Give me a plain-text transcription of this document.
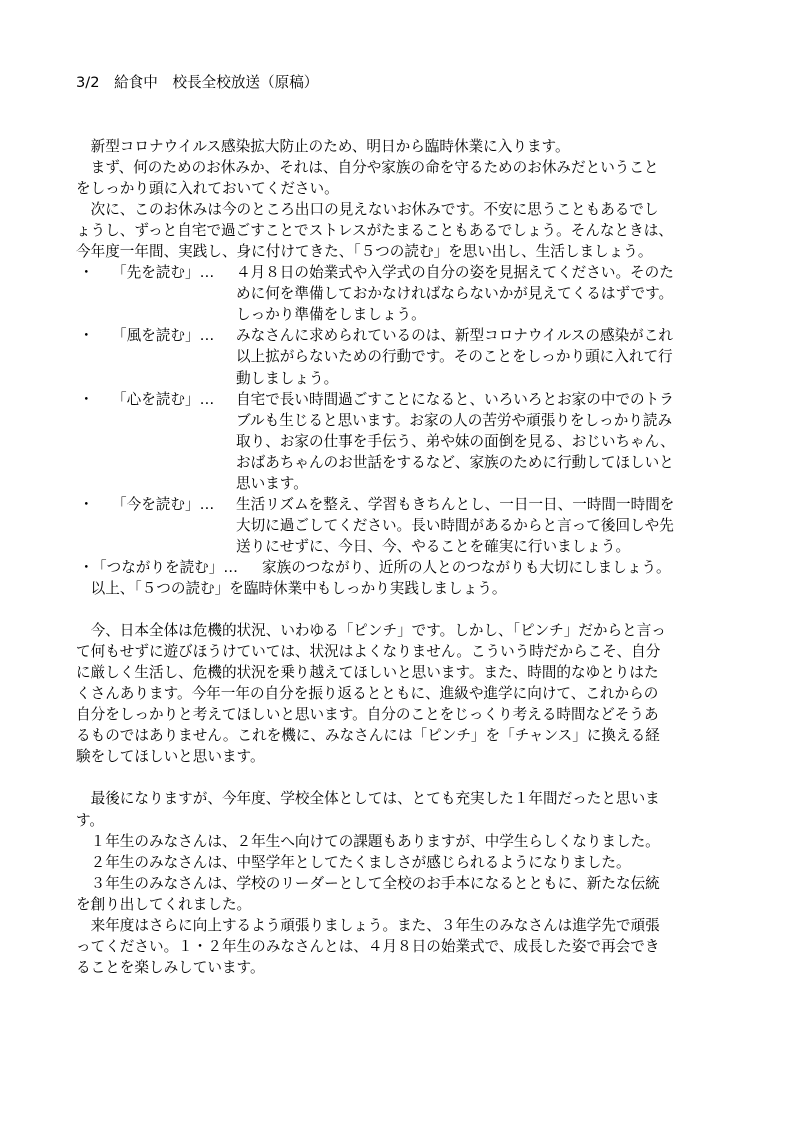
3/2　給食中　校長全校放送（原稿）
　新型コロナウイルス感染拡大防止のため、明日から臨時休業に入ります。
　まず、何のためのお休みか、それは、自分や家族の命を守るためのお休みだということ
をしっかり頭に入れておいてください。
　次に、このお休みは今のところ出口の見えないお休みです。不安に思うこともあるでし
ょうし、ずっと自宅で過ごすことでストレスがたまることもあるでしょう。そんなときは、
今年度一年間、実践し、身に付けてきた、「５つの読む」を思い出し、生活しましょう。
・ 「先を読む」… ４月８日の始業式や入学式の自分の姿を見据えてください。そのた
めに何を準備しておかなければならないかが見えてくるはずです。
しっかり準備をしましょう。
・ 「風を読む」… みなさんに求められているのは、新型コロナウイルスの感染がこれ
以上拡がらないための行動です。そのことをしっかり頭に入れて行
動しましょう。
・ 「心を読む」… 自宅で長い時間過ごすことになると、いろいろとお家の中でのトラ
ブルも生じると思います。お家の人の苦労や頑張りをしっかり読み
取り、お家の仕事を手伝う、弟や妹の面倒を見る、おじいちゃん、
おばあちゃんのお世話をするなど、家族のために行動してほしいと
思います。
・ 「今を読む」… 生活リズムを整え、学習もきちんとし、一日一日、一時間一時間を
大切に過ごしてください。長い時間があるからと言って後回しや先
送りにせずに、今日、今、やることを確実に行いましょう。
・
「つながりを読む」… 家族のつながり、近所の人とのつながりも大切にしましょう。
　以上、「５つの読む」を臨時休業中もしっかり実践しましょう。
　今、日本全体は危機的状況、いわゆる「ピンチ」です。しかし、「ピンチ」だからと言っ
て何もせずに遊びほうけていては、状況はよくなりません。こういう時だからこそ、自分
に厳しく生活し、危機的状況を乗り越えてほしいと思います。また、時間的なゆとりはた
くさんあります。今年一年の自分を振り返るとともに、進級や進学に向けて、これからの
自分をしっかりと考えてほしいと思います。自分のことをじっくり考える時間などそうあ
るものではありません。これを機に、みなさんには「ピンチ」を「チャンス」に換える経
験をしてほしいと思います。
　最後になりますが、今年度、学校全体としては、とても充実した１年間だったと思いま
す。
　１年生のみなさんは、２年生へ向けての課題もありますが、中学生らしくなりました。
　２年生のみなさんは、中堅学年としてたくましさが感じられるようになりました。
　３年生のみなさんは、学校のリーダーとして全校のお手本になるとともに、新たな伝統
を創り出してくれました。
　来年度はさらに向上するよう頑張りましょう。また、３年生のみなさんは進学先で頑張
ってください。１・２年生のみなさんとは、４月８日の始業式で、成長した姿で再会でき
ることを楽しみしています。
